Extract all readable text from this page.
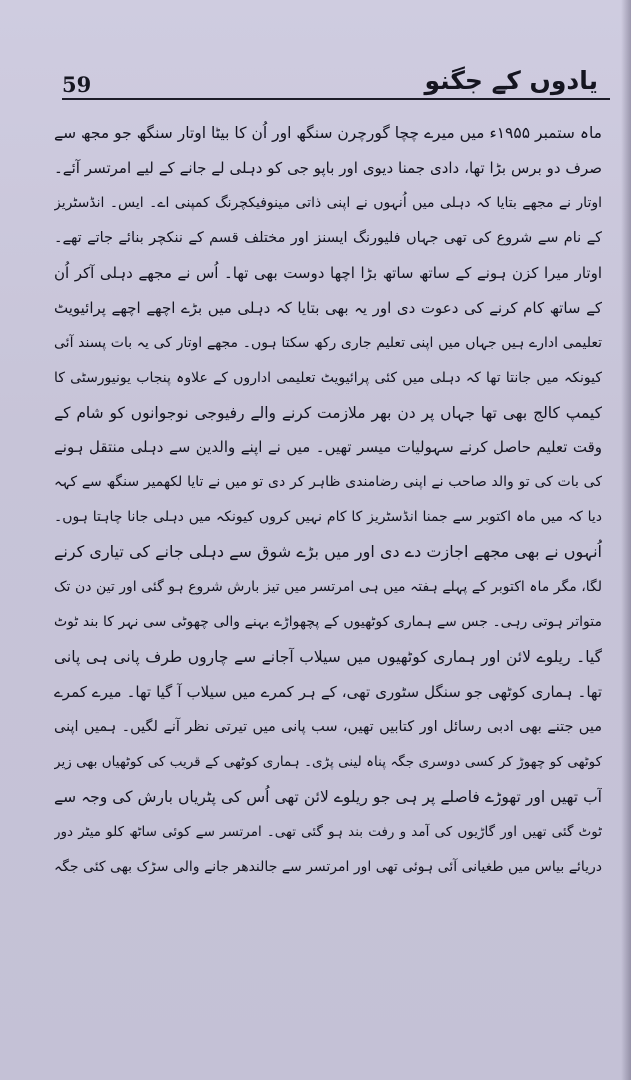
59	یادوں کے جگنو
ماہ ستمبر ۱۹۵۵ء میں میرے چچا گورچرن سنگھ اور اُن کا بیٹا اوتار سنگھ جو مجھ سے
صرف دو برس بڑا تھا، دادی جمنا دیوی اور باپو جی کو دہلی لے جانے کے لیے امرتسر آئے۔
اوتار نے مجھے بتایا کہ دہلی میں اُنہوں نے اپنی ذاتی مینوفیکچرنگ کمپنی اے۔ ایس۔ انڈسٹریز
کے نام سے شروع کی تھی جہاں فلیورنگ ایسنز اور مختلف قسم کے ننکچر بنائے جاتے تھے۔
اوتار میرا کزن ہونے کے ساتھ ساتھ بڑا اچھا دوست بھی تھا۔ اُس نے مجھے دہلی آکر اُن
کے ساتھ کام کرنے کی دعوت دی اور یہ بھی بتایا کہ دہلی میں بڑے اچھے اچھے پرائیویٹ
تعلیمی ادارے ہیں جہاں میں اپنی تعلیم جاری رکھ سکتا ہوں۔ مجھے اوتار کی یہ بات پسند آئی
کیونکہ میں جانتا تھا کہ دہلی میں کئی پرائیویٹ تعلیمی اداروں کے علاوہ پنجاب یونیورسٹی کا
کیمپ کالج بھی تھا جہاں پر دن بھر ملازمت کرنے والے رفیوجی نوجوانوں کو شام کے
وقت تعلیم حاصل کرنے سہولیات میسر تھیں۔ میں نے اپنے والدین سے دہلی منتقل ہونے
کی بات کی تو والد صاحب نے اپنی رضامندی ظاہر کر دی تو میں نے تایا لکھمیر سنگھ سے کہہ
دیا کہ میں ماہ اکتوبر سے جمنا انڈسٹریز کا کام نہیں کروں کیونکہ میں دہلی جانا چاہتا ہوں۔
اُنہوں نے بھی مجھے اجازت دے دی اور میں بڑے شوق سے دہلی جانے کی تیاری کرنے
لگا، مگر ماہ اکتوبر کے پہلے ہفتہ میں ہی امرتسر میں تیز بارش شروع ہو گئی اور تین دن تک
متواتر ہوتی رہی۔ جس سے ہماری کوٹھیوں کے پچھواڑے بہنے والی چھوٹی سی نہر کا بند ٹوٹ
گیا۔ ریلوے لائن اور ہماری کوٹھیوں میں سیلاب آجانے سے چاروں طرف پانی ہی پانی
تھا۔ ہماری کوٹھی جو سنگل سٹوری تھی، کے ہر کمرے میں سیلاب آ گیا تھا۔ میرے کمرے
میں جتنے بھی ادبی رسائل اور کتابیں تھیں، سب پانی میں تیرتی نظر آنے لگیں۔ ہمیں اپنی
کوٹھی کو چھوڑ کر کسی دوسری جگہ پناہ لینی پڑی۔ ہماری کوٹھی کے قریب کی کوٹھیاں بھی زیر
آب تھیں اور تھوڑے فاصلے پر ہی جو ریلوے لائن تھی اُس کی پٹریاں بارش کی وجہ سے
ٹوٹ گئی تھیں اور گاڑیوں کی آمد و رفت بند ہو گئی تھی۔ امرتسر سے کوئی ساٹھ کلو میٹر دور
دریائے بیاس میں طغیانی آئی ہوئی تھی اور امرتسر سے جالندھر جانے والی سڑک بھی کئی جگہ
